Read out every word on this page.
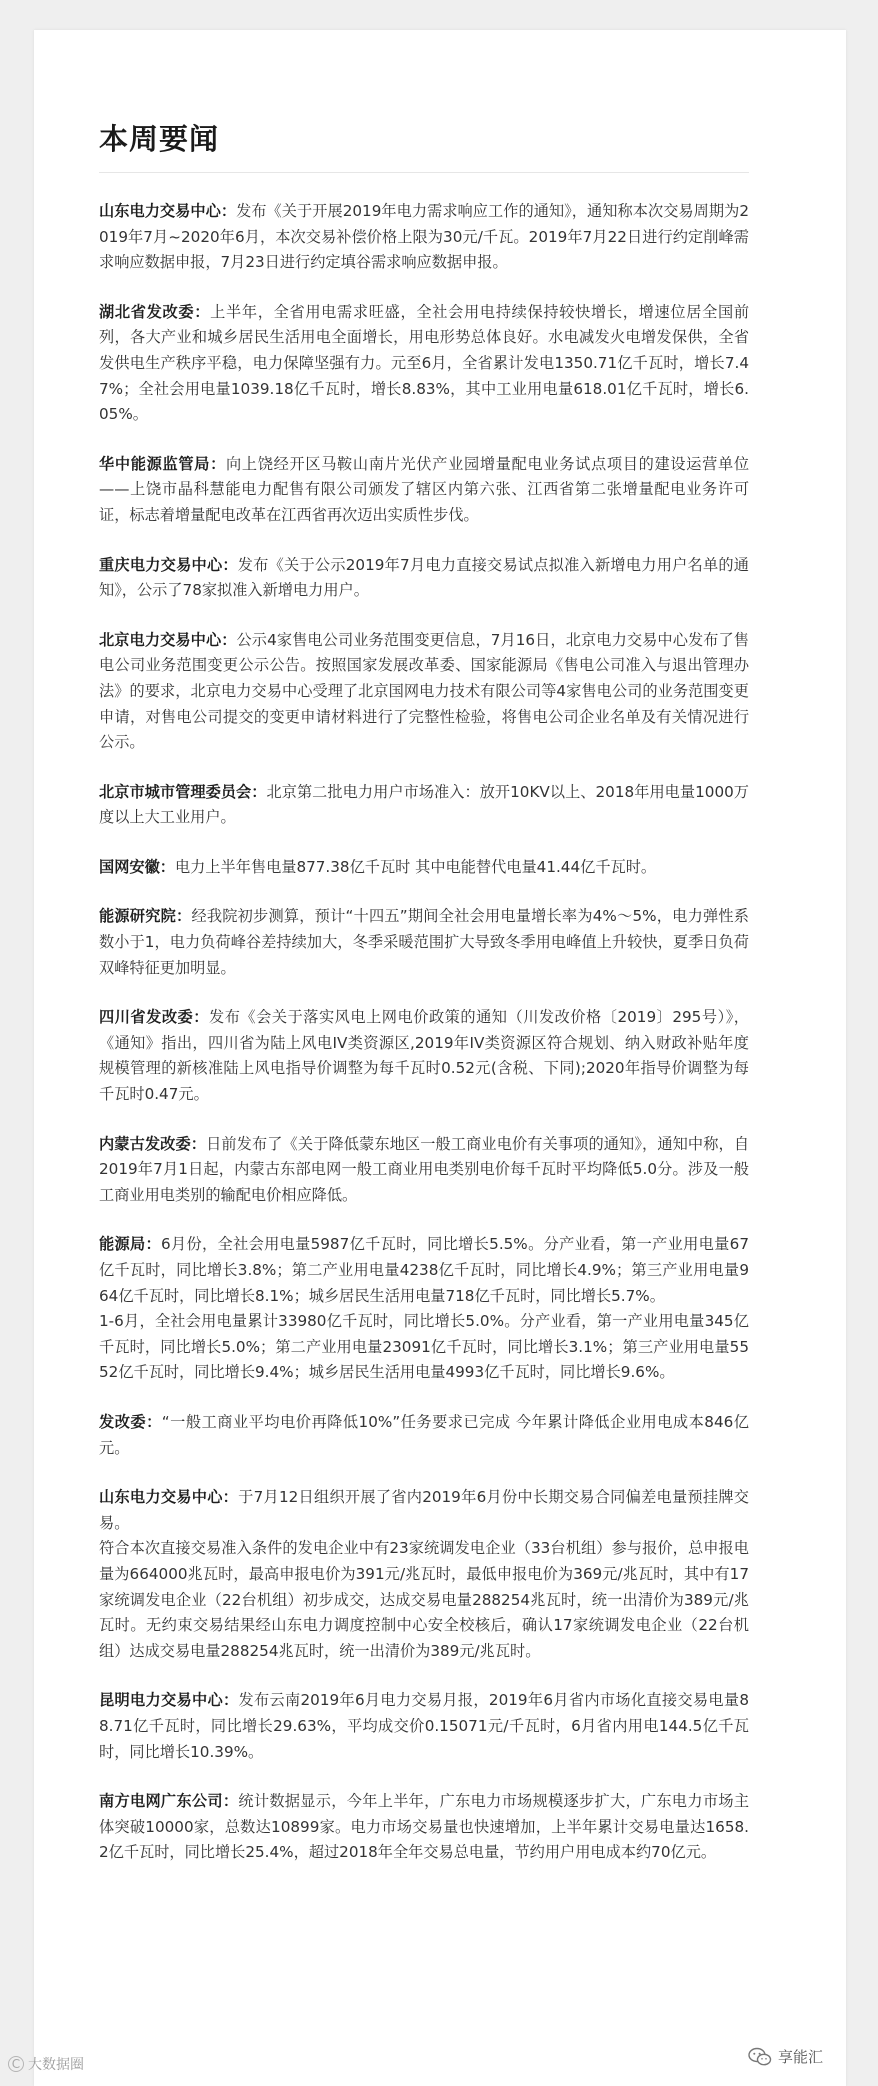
本周要闻

山东电力交易中心：发布《关于开展2019年电力需求响应工作的通知》，通知称本次交易周期为2019年7月~2020年6月，本次交易补偿价格上限为30元/千瓦。2019年7月22日进行约定削峰需求响应数据申报，7月23日进行约定填谷需求响应数据申报。

湖北省发改委：上半年，全省用电需求旺盛，全社会用电持续保持较快增长，增速位居全国前列，各大产业和城乡居民生活用电全面增长，用电形势总体良好。水电减发火电增发保供，全省发供电生产秩序平稳，电力保障坚强有力。元至6月，全省累计发电1350.71亿千瓦时，增长7.47%；全社会用电量1039.18亿千瓦时，增长8.83%，其中工业用电量618.01亿千瓦时，增长6.05%。

华中能源监管局：向上饶经开区马鞍山南片光伏产业园增量配电业务试点项目的建设运营单位——上饶市晶科慧能电力配售有限公司颁发了辖区内第六张、江西省第二张增量配电业务许可证，标志着增量配电改革在江西省再次迈出实质性步伐。

重庆电力交易中心：发布《关于公示2019年7月电力直接交易试点拟准入新增电力用户名单的通知》，公示了78家拟准入新增电力用户。

北京电力交易中心：公示4家售电公司业务范围变更信息，7月16日，北京电力交易中心发布了售电公司业务范围变更公示公告。按照国家发展改革委、国家能源局《售电公司准入与退出管理办法》的要求，北京电力交易中心受理了北京国网电力技术有限公司等4家售电公司的业务范围变更申请，对售电公司提交的变更申请材料进行了完整性检验，将售电公司企业名单及有关情况进行公示。

北京市城市管理委员会：北京第二批电力用户市场准入：放开10KV以上、2018年用电量1000万度以上大工业用户。

国网安徽：电力上半年售电量877.38亿千瓦时 其中电能替代电量41.44亿千瓦时。

能源研究院：经我院初步测算，预计“十四五”期间全社会用电量增长率为4%～5%，电力弹性系数小于1，电力负荷峰谷差持续加大，冬季采暖范围扩大导致冬季用电峰值上升较快，夏季日负荷双峰特征更加明显。

四川省发改委：发布《会关于落实风电上网电价政策的通知（川发改价格〔2019〕295号）》，《通知》指出，四川省为陆上风电IV类资源区,2019年IV类资源区符合规划、纳入财政补贴年度规模管理的新核准陆上风电指导价调整为每千瓦时0.52元(含税、下同);2020年指导价调整为每千瓦时0.47元。

内蒙古发改委：日前发布了《关于降低蒙东地区一般工商业电价有关事项的通知》，通知中称，自2019年7月1日起，内蒙古东部电网一般工商业用电类别电价每千瓦时平均降低5.0分。涉及一般工商业用电类别的输配电价相应降低。

能源局：6月份，全社会用电量5987亿千瓦时，同比增长5.5%。分产业看，第一产业用电量67亿千瓦时，同比增长3.8%；第二产业用电量4238亿千瓦时，同比增长4.9%；第三产业用电量964亿千瓦时，同比增长8.1%；城乡居民生活用电量718亿千瓦时，同比增长5.7%。

1-6月，全社会用电量累计33980亿千瓦时，同比增长5.0%。分产业看，第一产业用电量345亿千瓦时，同比增长5.0%；第二产业用电量23091亿千瓦时，同比增长3.1%；第三产业用电量5552亿千瓦时，同比增长9.4%；城乡居民生活用电量4993亿千瓦时，同比增长9.6%。

发改委：“一般工商业平均电价再降低10%”任务要求已完成 今年累计降低企业用电成本846亿元。

山东电力交易中心：于7月12日组织开展了省内2019年6月份中长期交易合同偏差电量预挂牌交易。

符合本次直接交易准入条件的发电企业中有23家统调发电企业（33台机组）参与报价，总申报电量为664000兆瓦时，最高申报电价为391元/兆瓦时，最低申报电价为369元/兆瓦时，其中有17家统调发电企业（22台机组）初步成交，达成交易电量288254兆瓦时，统一出清价为389元/兆瓦时。无约束交易结果经山东电力调度控制中心安全校核后，确认17家统调发电企业（22台机组）达成交易电量288254兆瓦时，统一出清价为389元/兆瓦时。

昆明电力交易中心：发布云南2019年6月电力交易月报，2019年6月省内市场化直接交易电量88.71亿千瓦时，同比增长29.63%，平均成交价0.15071元/千瓦时，6月省内用电144.5亿千瓦时，同比增长10.39%。

南方电网广东公司：统计数据显示，今年上半年，广东电力市场规模逐步扩大，广东电力市场主体突破10000家，总数达10899家。电力市场交易量也快速增加，上半年累计交易电量达1658.2亿千瓦时，同比增长25.4%，超过2018年全年交易总电量，节约用户用电成本约70亿元。

C 大数据圈	享能汇
